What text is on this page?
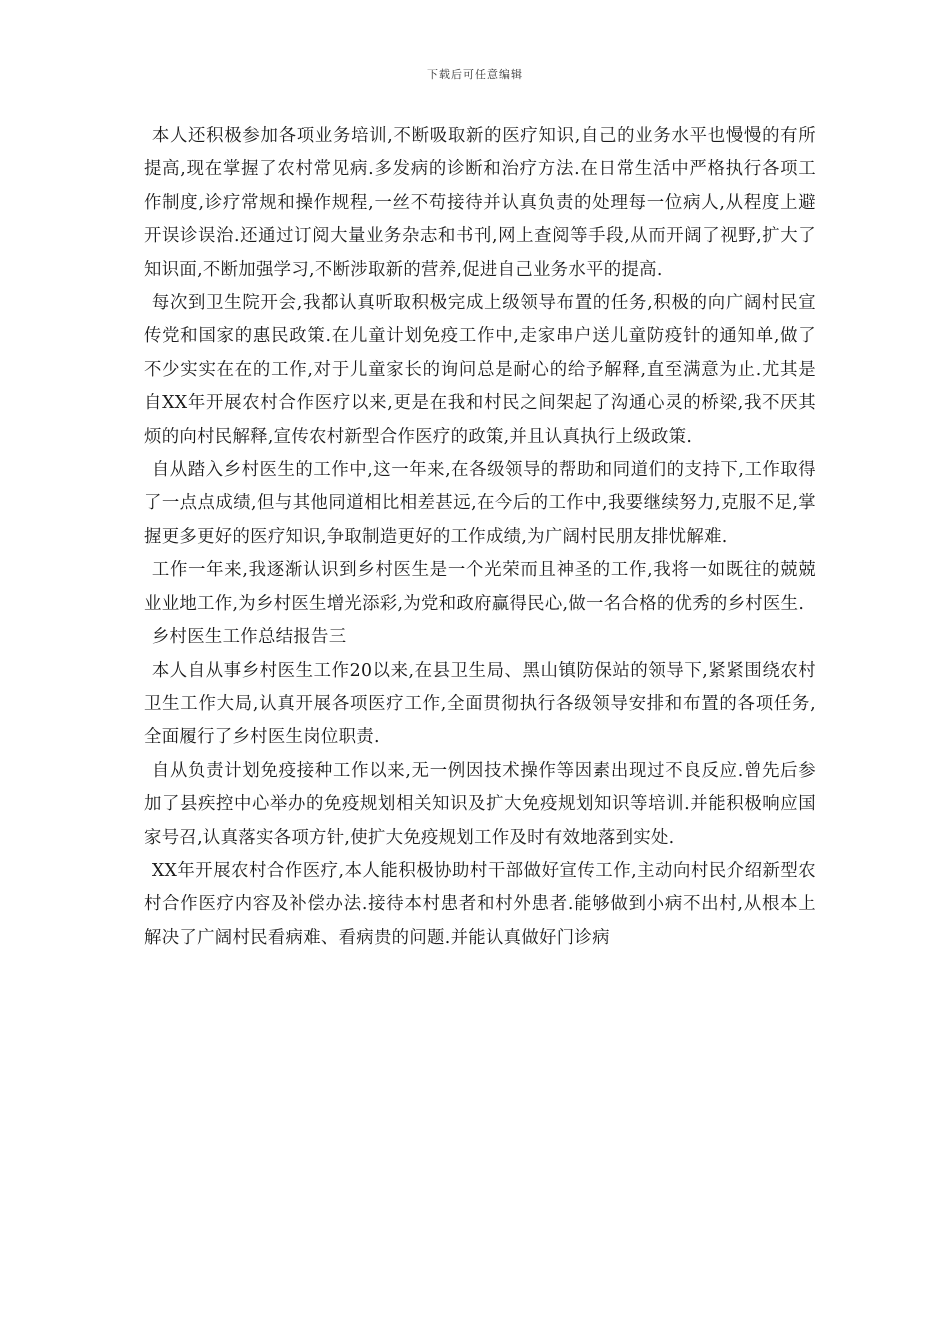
下载后可任意编辑

本人还积极参加各项业务培训,不断吸取新的医疗知识,自己的业务水平也慢慢的有所提高,现在掌握了农村常见病.多发病的诊断和治疗方法.在日常生活中严格执行各项工作制度,诊疗常规和操作规程,一丝不苟接待并认真负责的处理每一位病人,从程度上避开误诊误治.还通过订阅大量业务杂志和书刊,网上查阅等手段,从而开阔了视野,扩大了知识面,不断加强学习,不断涉取新的营养,促进自己业务水平的提高.

每次到卫生院开会,我都认真听取积极完成上级领导布置的任务,积极的向广阔村民宣传党和国家的惠民政策.在儿童计划免疫工作中,走家串户送儿童防疫针的通知单,做了不少实实在在的工作,对于儿童家长的询问总是耐心的给予解释,直至满意为止.尤其是自XX年开展农村合作医疗以来,更是在我和村民之间架起了沟通心灵的桥梁,我不厌其烦的向村民解释,宣传农村新型合作医疗的政策,并且认真执行上级政策.

自从踏入乡村医生的工作中,这一年来,在各级领导的帮助和同道们的支持下,工作取得了一点点成绩,但与其他同道相比相差甚远,在今后的工作中,我要继续努力,克服不足,掌握更多更好的医疗知识,争取制造更好的工作成绩,为广阔村民朋友排忧解难.

工作一年来,我逐渐认识到乡村医生是一个光荣而且神圣的工作,我将一如既往的兢兢业业地工作,为乡村医生增光添彩,为党和政府赢得民心,做一名合格的优秀的乡村医生.

乡村医生工作总结报告三

本人自从事乡村医生工作20以来,在县卫生局、黑山镇防保站的领导下,紧紧围绕农村卫生工作大局,认真开展各项医疗工作,全面贯彻执行各级领导安排和布置的各项任务,全面履行了乡村医生岗位职责.

自从负责计划免疫接种工作以来,无一例因技术操作等因素出现过不良反应.曾先后参加了县疾控中心举办的免疫规划相关知识及扩大免疫规划知识等培训.并能积极响应国家号召,认真落实各项方针,使扩大免疫规划工作及时有效地落到实处.

XX年开展农村合作医疗,本人能积极协助村干部做好宣传工作,主动向村民介绍新型农村合作医疗内容及补偿办法.接待本村患者和村外患者.能够做到小病不出村,从根本上解决了广阔村民看病难、看病贵的问题.并能认真做好门诊病
